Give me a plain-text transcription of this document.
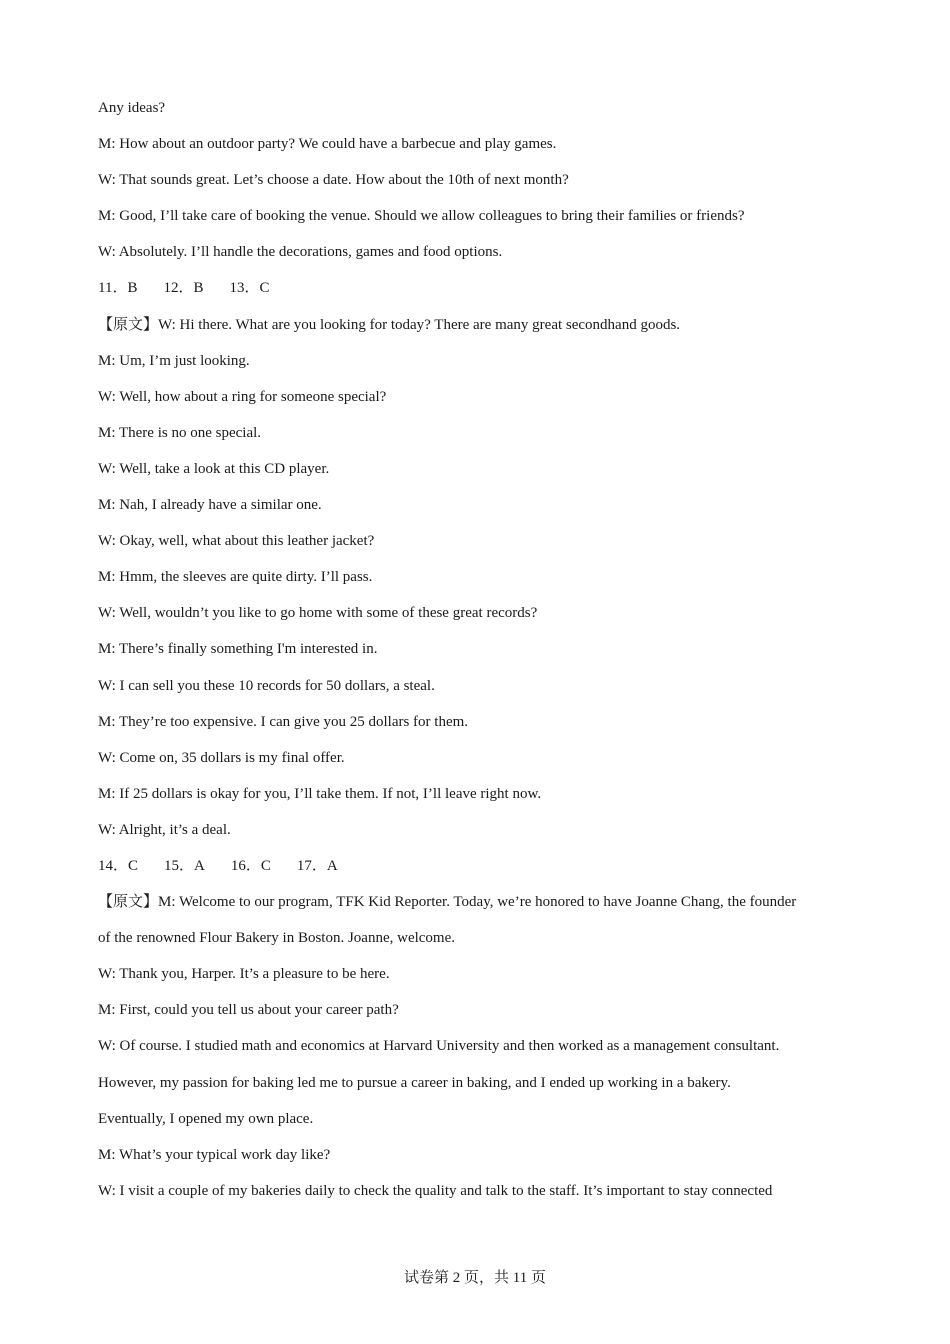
Any ideas?
M: How about an outdoor party? We could have a barbecue and play games.
W: That sounds great. Let’s choose a date. How about the 10th of next month?
M: Good, I’ll take care of booking the venue. Should we allow colleagues to bring their families or friends?
W: Absolutely. I’ll handle the decorations, games and food options.
11．B 12．B 13．C
【原文】W: Hi there. What are you looking for today? There are many great secondhand goods.
M: Um, I’m just looking.
W: Well, how about a ring for someone special?
M: There is no one special.
W: Well, take a look at this CD player.
M: Nah, I already have a similar one.
W: Okay, well, what about this leather jacket?
M: Hmm, the sleeves are quite dirty. I’ll pass.
W: Well, wouldn’t you like to go home with some of these great records?
M: There’s finally something I'm interested in.
W: I can sell you these 10 records for 50 dollars, a steal.
M: They’re too expensive. I can give you 25 dollars for them.
W: Come on, 35 dollars is my final offer.
M: If 25 dollars is okay for you, I’ll take them. If not, I’ll leave right now.
W: Alright, it’s a deal.
14．C 15．A 16．C 17．A
【原文】M: Welcome to our program, TFK Kid Reporter. Today, we’re honored to have Joanne Chang, the founder
of the renowned Flour Bakery in Boston. Joanne, welcome.
W: Thank you, Harper. It’s a pleasure to be here.
M: First, could you tell us about your career path?
W: Of course. I studied math and economics at Harvard University and then worked as a management consultant.
However, my passion for baking led me to pursue a career in baking, and I ended up working in a bakery.
Eventually, I opened my own place.
M: What’s your typical work day like?
W: I visit a couple of my bakeries daily to check the quality and talk to the staff. It’s important to stay connected
试卷第 2 页，共 11 页
